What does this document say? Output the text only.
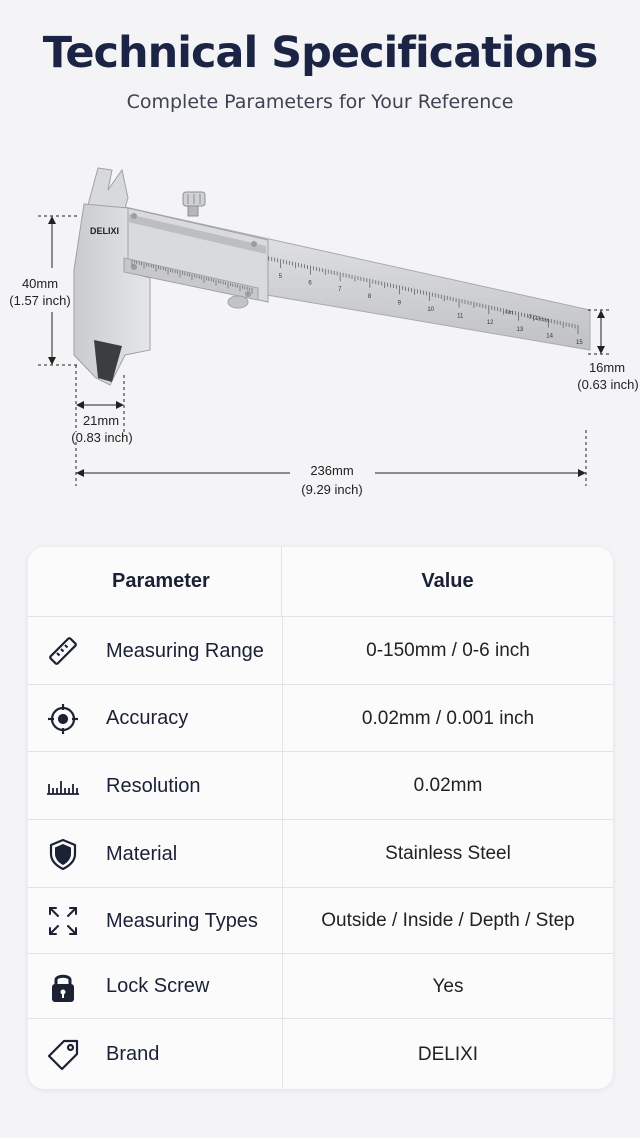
Technical Specifications
Complete Parameters for Your Reference
5
6
7
8
9
10
11
12
13
14
15
cm
0.02mm
DELIXI
40mm
(1.57 inch)
21mm
(0.83 inch)
236mm
(9.29 inch)
16mm
(0.63 inch)
Parameter	Value
Measuring Range	0-150mm / 0-6 inch
Accuracy	0.02mm / 0.001 inch
Resolution	0.02mm
Material	Stainless Steel
Measuring Types	Outside / Inside / Depth / Step
Lock Screw	Yes
Brand	DELIXI
